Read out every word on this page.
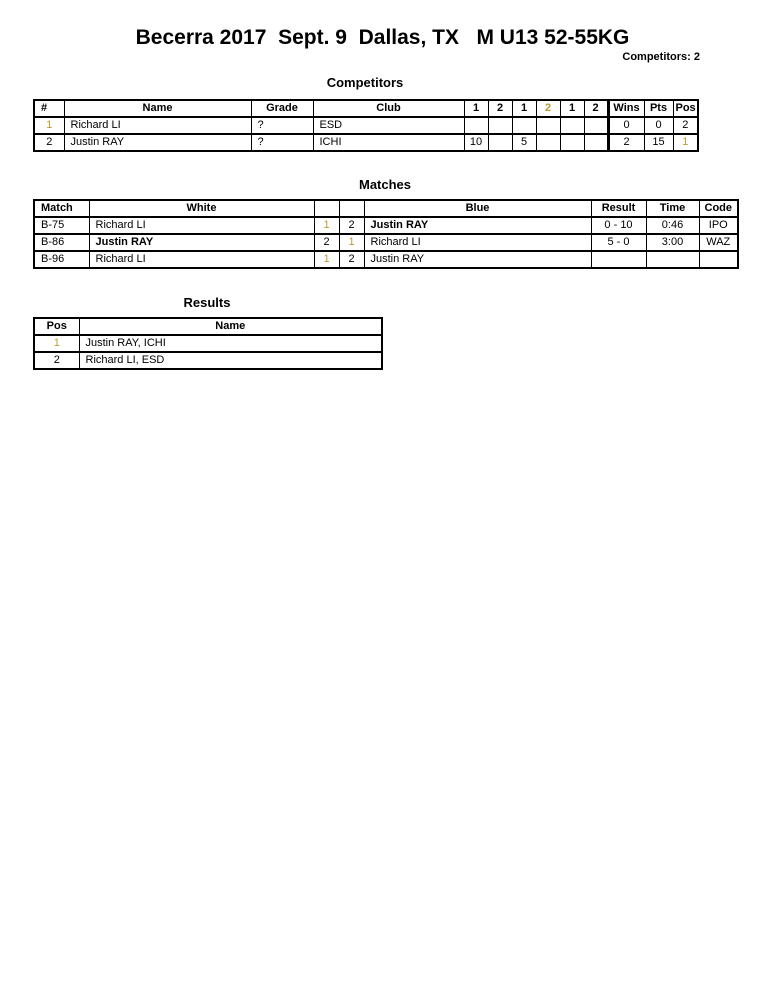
Becerra 2017  Sept. 9  Dallas, TX   M U13 52-55KG
Competitors: 2
Competitors
#	Name	Grade	Club	1	2	1	2	1	2	Wins	Pts	Pos
1	Richard LI	?	ESD							0	0	2
2	Justin RAY	?	ICHI	10		5				2	15	1
Matches
Match	White			Blue	Result	Time	Code
B-75	Richard LI	1	2	Justin RAY	0 - 10	0:46	IPO
B-86	Justin RAY	2	1	Richard LI	5 - 0	3:00	WAZ
B-96	Richard LI	1	2	Justin RAY			
Results
Pos	Name
1	Justin RAY, ICHI
2	Richard LI, ESD
